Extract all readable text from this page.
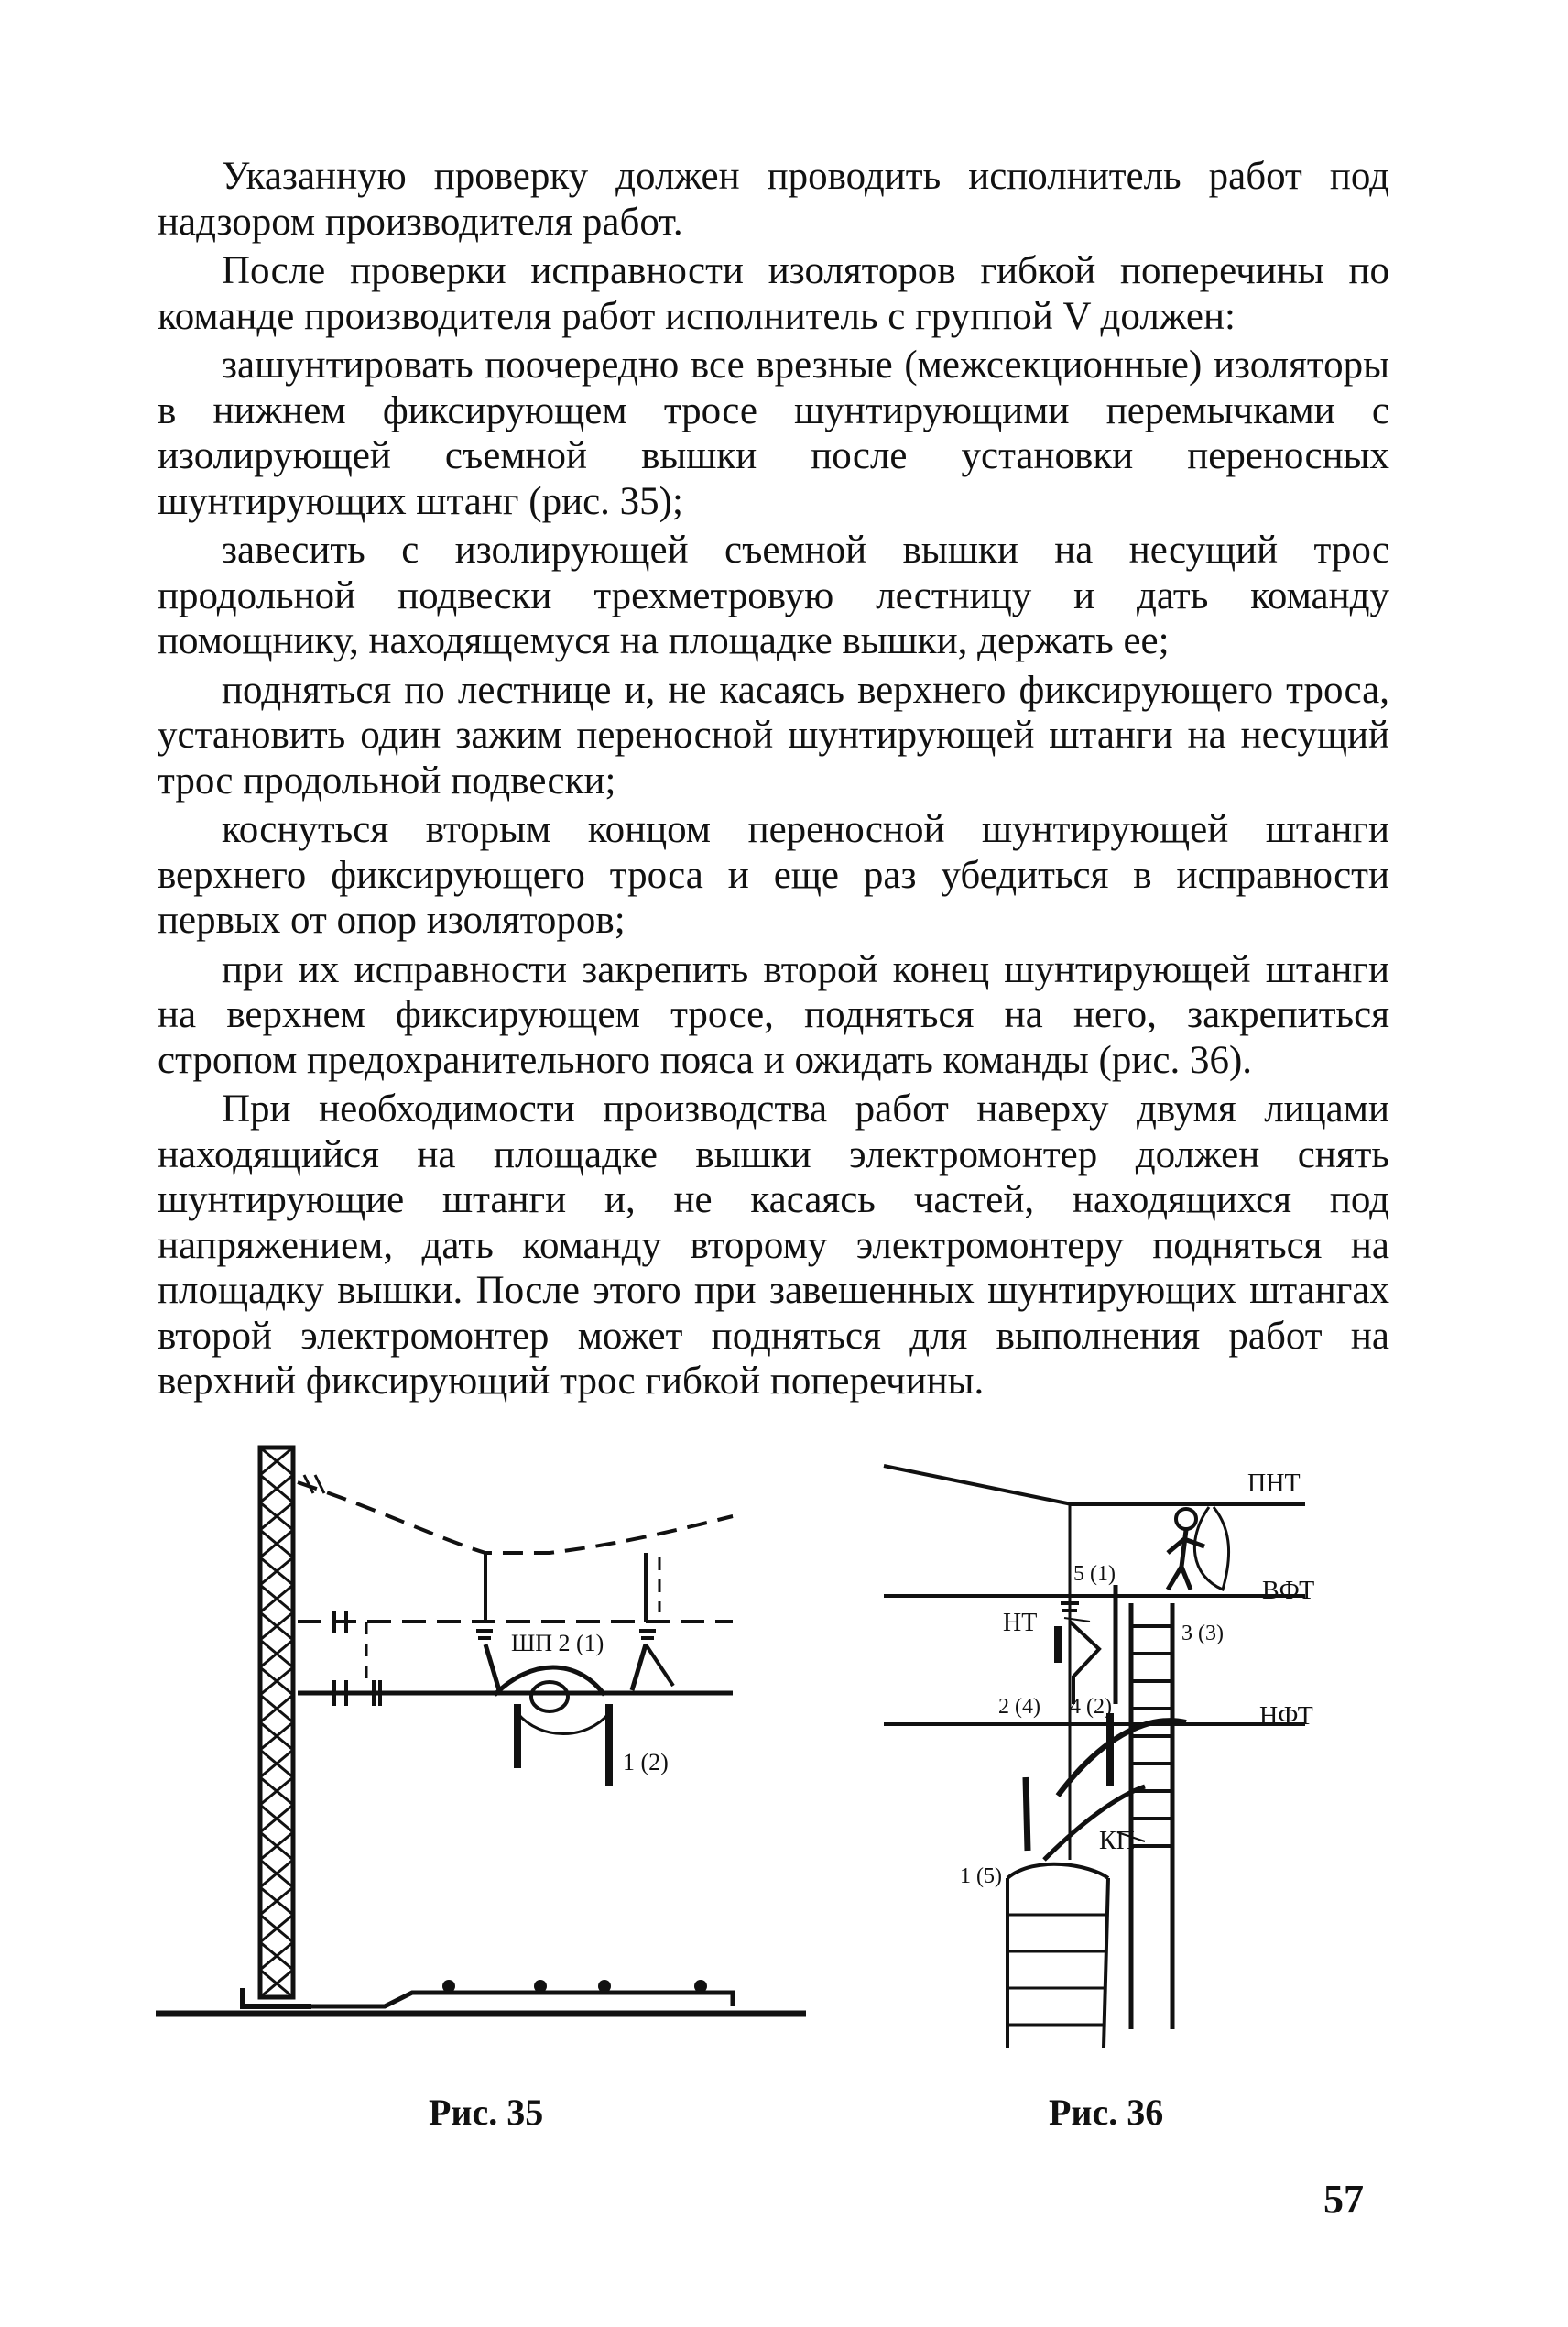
Указанную проверку должен проводить исполнитель работ под надзором производителя работ.

После проверки исправности изоляторов гибкой поперечины по команде производителя работ исполнитель с группой V должен:

зашунтировать поочередно все врезные (межсекционные) изоляторы в нижнем фиксирующем тросе шунтирующими перемычками с изолирующей съемной вышки после установки переносных шунтирующих штанг (рис. 35);

завесить с изолирующей съемной вышки на несущий трос продольной подвески трехметровую лестницу и дать команду помощнику, находящемуся на площадке вышки, держать ее;

подняться по лестнице и, не касаясь верхнего фиксирующего троса, установить один зажим переносной шунтирующей штанги на несущий трос продольной подвески;

коснуться вторым концом переносной шунтирующей штанги верхнего фиксирующего троса и еще раз убедиться в исправности первых от опор изоляторов;

при их исправности закрепить второй конец шунтирующей штанги на верхнем фиксирующем тросе, подняться на него, закрепиться стропом предохранительного пояса и ожидать команды (рис. 36).

При необходимости производства работ наверху двумя лицами находящийся на площадке вышки электромонтер должен снять шунтирующие штанги и, не касаясь частей, находящихся под напряжением, дать команду второму электромонтеру подняться на площадку вышки. После этого при завешенных шунтирующих штангах второй электромонтер может подняться для выполнения работ на верхний фиксирующий трос гибкой поперечины.

ШП 2 (1)
1 (2)
ПНТ
ВФТ
НФТ
НТ
КП
5 (1)
3 (3)
2 (4) 4 (2)
1 (5)
Рис. 35	Рис. 36
57
